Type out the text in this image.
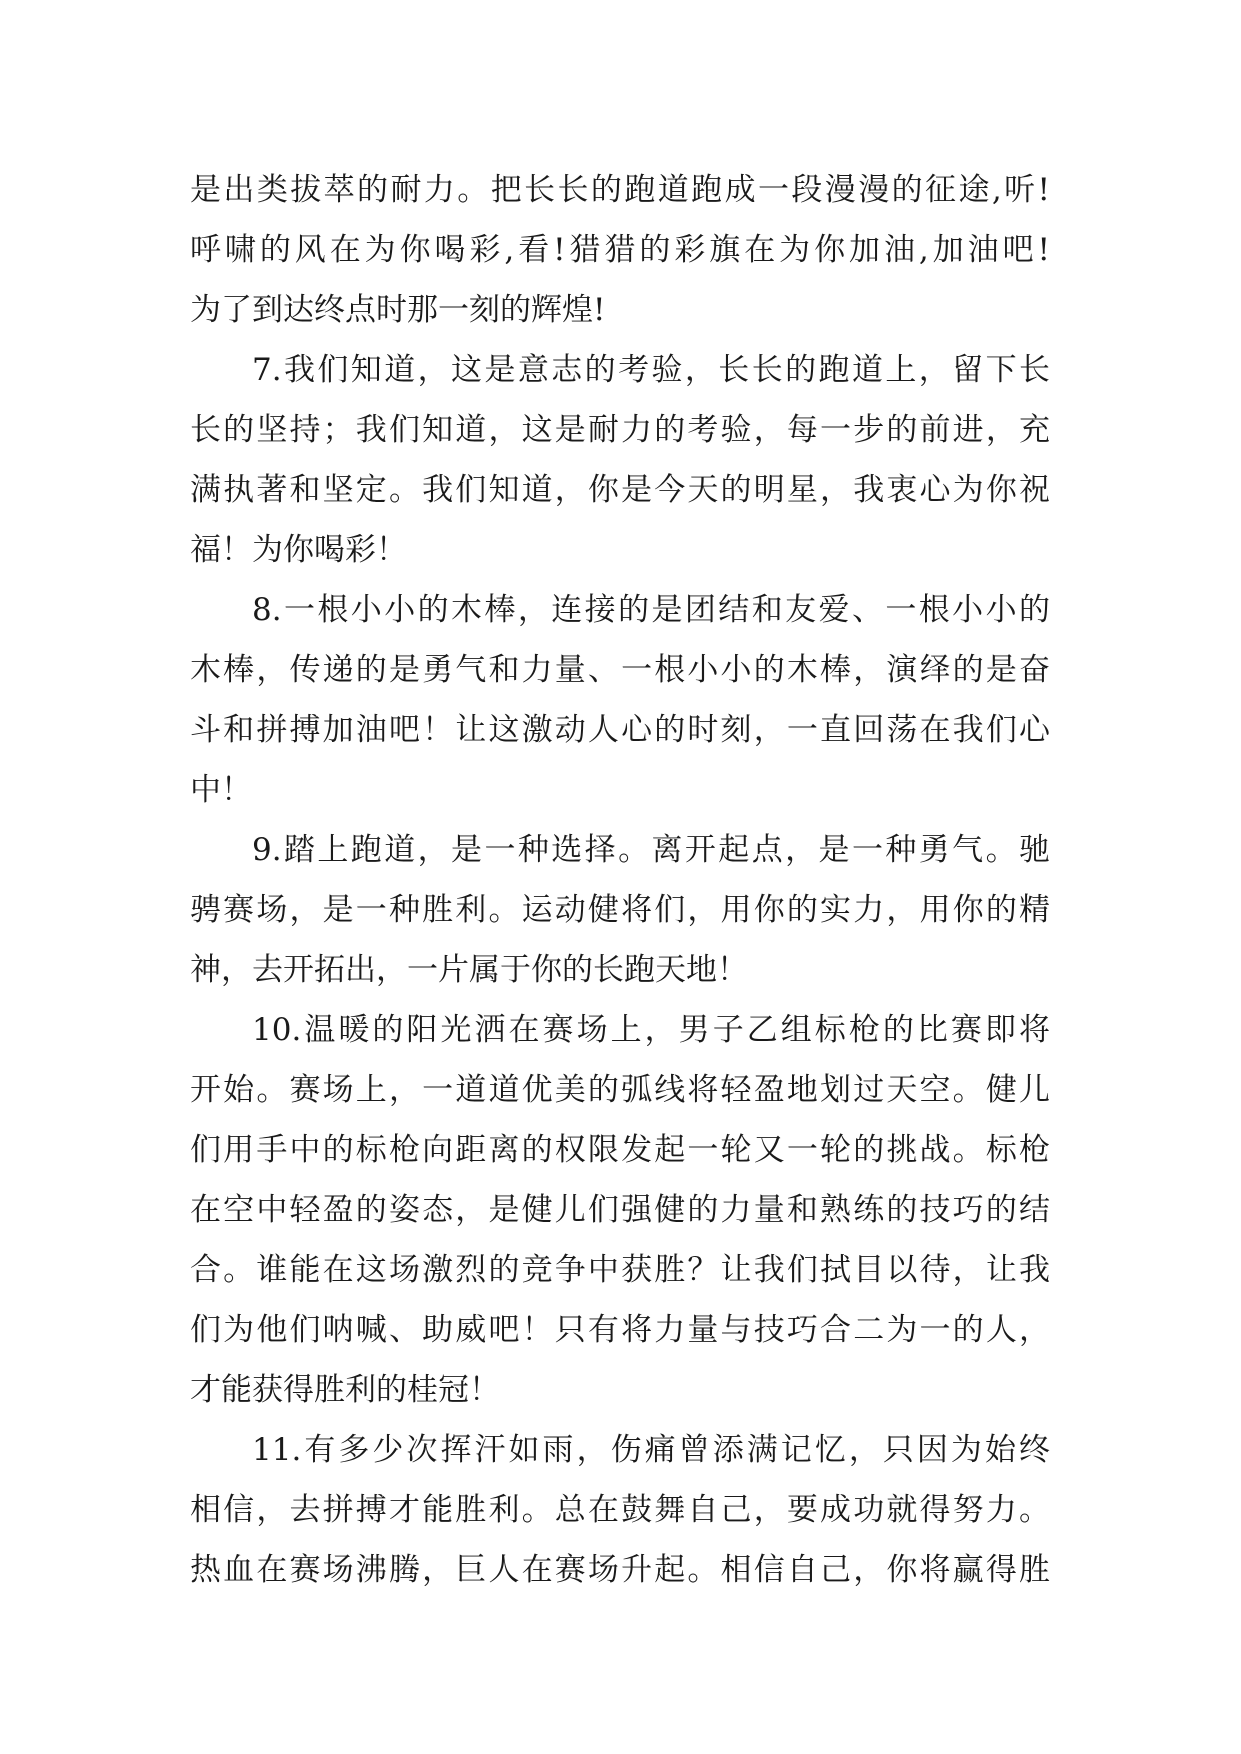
是出类拔萃的耐力。把长长的跑道跑成一段漫漫的征途,听!
呼啸的风在为你喝彩,看!猎猎的彩旗在为你加油,加油吧!
为了到达终点时那一刻的辉煌!
7.我们知道，这是意志的考验，长长的跑道上，留下长
长的坚持；我们知道，这是耐力的考验，每一步的前进，充
满执著和坚定。我们知道，你是今天的明星，我衷心为你祝
福！为你喝彩！
8.一根小小的木棒，连接的是团结和友爱、一根小小的
木棒，传递的是勇气和力量、一根小小的木棒，演绎的是奋
斗和拼搏加油吧！让这激动人心的时刻，一直回荡在我们心
中！
9.踏上跑道，是一种选择。离开起点，是一种勇气。驰
骋赛场，是一种胜利。运动健将们，用你的实力，用你的精
神，去开拓出，一片属于你的长跑天地！
10.温暖的阳光洒在赛场上，男子乙组标枪的比赛即将
开始。赛场上，一道道优美的弧线将轻盈地划过天空。健儿
们用手中的标枪向距离的权限发起一轮又一轮的挑战。标枪
在空中轻盈的姿态，是健儿们强健的力量和熟练的技巧的结
合。谁能在这场激烈的竞争中获胜？让我们拭目以待，让我
们为他们呐喊、助威吧！只有将力量与技巧合二为一的人，
才能获得胜利的桂冠！
11.有多少次挥汗如雨，伤痛曾添满记忆，只因为始终
相信，去拼搏才能胜利。总在鼓舞自己，要成功就得努力。
热血在赛场沸腾，巨人在赛场升起。相信自己，你将赢得胜
